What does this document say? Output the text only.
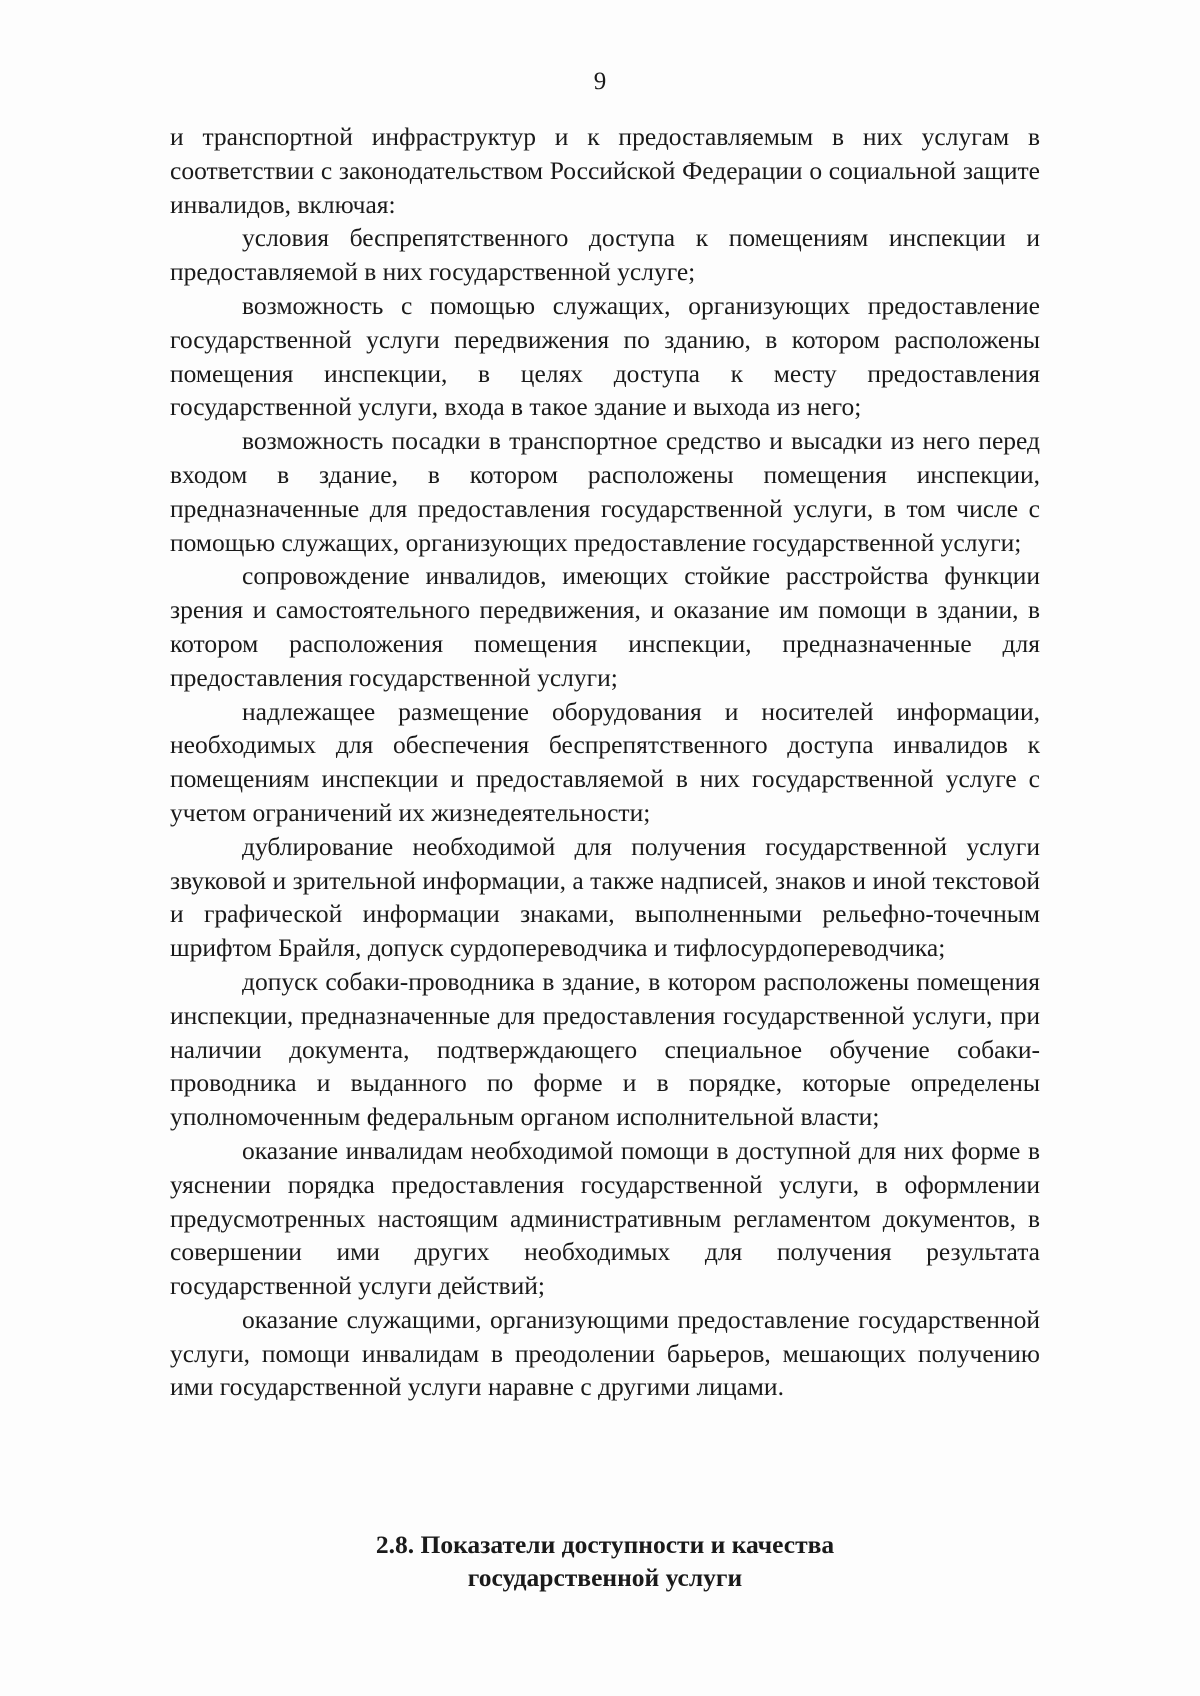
9

и транспортной инфраструктур и к предоставляемым в них услугам в соответствии с законодательством Российской Федерации о социальной защите инвалидов, включая:

условия беспрепятственного доступа к помещениям инспекции и предоставляемой в них государственной услуге;

возможность с помощью служащих, организующих предоставление государственной услуги передвижения по зданию, в котором расположены помещения инспекции, в целях доступа к месту предоставления государственной услуги, входа в такое здание и выхода из него;

возможность посадки в транспортное средство и высадки из него перед входом в здание, в котором расположены помещения инспекции, предназначенные для предоставления государственной услуги, в том числе с помощью служащих, организующих предоставление государственной услуги;

сопровождение инвалидов, имеющих стойкие расстройства функции зрения и самостоятельного передвижения, и оказание им помощи в здании, в котором расположения помещения инспекции, предназначенные для предоставления государственной услуги;

надлежащее размещение оборудования и носителей информации, необходимых для обеспечения беспрепятственного доступа инвалидов к помещениям инспекции и предоставляемой в них государственной услуге с учетом ограничений их жизнедеятельности;

дублирование необходимой для получения государственной услуги звуковой и зрительной информации, а также надписей, знаков и иной текстовой и графической информации знаками, выполненными рельефно-точечным шрифтом Брайля, допуск сурдопереводчика и тифлосурдопереводчика;

допуск собаки-проводника в здание, в котором расположены помещения инспекции, предназначенные для предоставления государственной услуги, при наличии документа, подтверждающего специальное обучение собаки-проводника и выданного по форме и в порядке, которые определены уполномоченным федеральным органом исполнительной власти;

оказание инвалидам необходимой помощи в доступной для них форме в уяснении порядка предоставления государственной услуги, в оформлении предусмотренных настоящим административным регламентом документов, в совершении ими других необходимых для получения результата государственной услуги действий;

оказание служащими, организующими предоставление государственной услуги, помощи инвалидам в преодолении барьеров, мешающих получению ими государственной услуги наравне с другими лицами.

2.8. Показатели доступности и качества
государственной услуги
